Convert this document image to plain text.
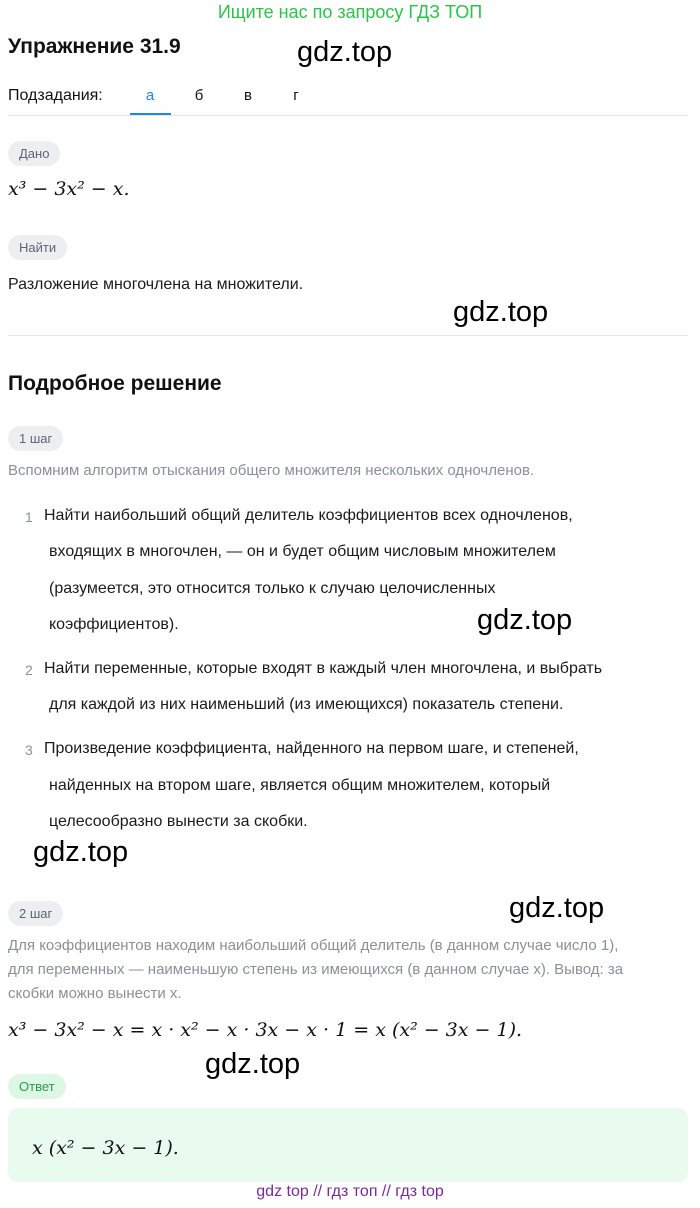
Ищите нас по запросу ГДЗ ТОП
Упражнение 31.9	gdz.top
gdz.top
gdz.top
gdz.top
gdz.top
gdz.top
Подзадания:	а	б	в	г
Дано
x³ − 3x² − x.
Найти
Разложение многочлена на множители.
Подробное решение
1 шаг
Вспомним алгоритм отыскания общего множителя нескольких одночленов.
1 Найти наибольший общий делитель коэффициентов всех одночленов,
входящих в многочлен, — он и будет общим числовым множителем
(разумеется, это относится только к случаю целочисленных
коэффициентов).
2 Найти переменные, которые входят в каждый член многочлена, и выбрать
для каждой из них наименьший (из имеющихся) показатель степени.
3 Произведение коэффициента, найденного на первом шаге, и степеней,
найденных на втором шаге, является общим множителем, который
целесообразно вынести за скобки.
2 шаг
Для коэффициентов находим наибольший общий делитель (в данном случае число 1),
для переменных — наименьшую степень из имеющихся (в данном случае x). Вывод: за
скобки можно вынести x.
x³ − 3x² − x = x · x² − x · 3x − x · 1 = x (x² − 3x − 1).
Ответ
x (x² − 3x − 1).
gdz top // гдз топ // гдз top
